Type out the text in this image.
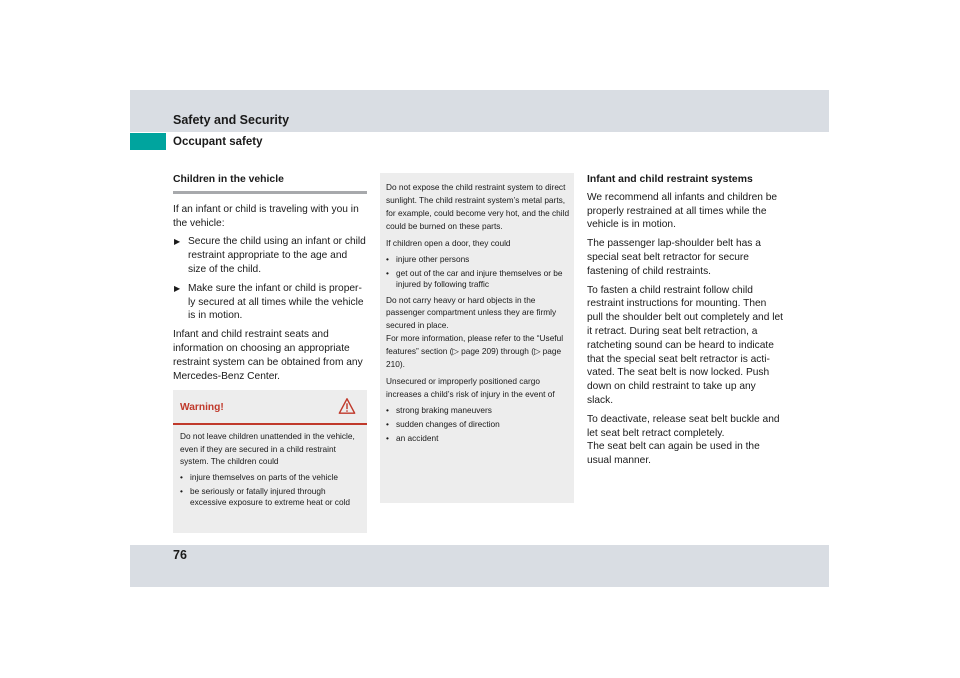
Safety and Security
Occupant safety
Children in the vehicle

If an infant or child is traveling with you in the vehicle:

▶ Secure the child using an infant or child restraint appropriate to the age and size of the child.
▶ Make sure the infant or child is proper-ly secured at all times while the vehicle is in motion.

Infant and child restraint seats and information on choosing an appropriate restraint system can be obtained from any Mercedes-Benz Center.

Warning!

Do not leave children unattended in the vehicle, even if they are secured in a child restraint system. The children could

• injure themselves on parts of the vehicle
• be seriously or fatally injured through excessive exposure to extreme heat or cold

Do not expose the child restraint system to direct sunlight. The child restraint system’s metal parts, for example, could become very hot, and the child could be burned on these parts.

If children open a door, they could

• injure other persons
• get out of the car and injure themselves or be injured by following traffic

Do not carry heavy or hard objects in the passenger compartment unless they are firmly secured in place.

For more information, please refer to the “Useful features” section (▷ page 209) through (▷ page 210).

Unsecured or improperly positioned cargo increases a child’s risk of injury in the event of

• strong braking maneuvers
• sudden changes of direction
• an accident
Infant and child restraint systems

We recommend all infants and children be properly restrained at all times while the vehicle is in motion.

The passenger lap-shoulder belt has a special seat belt retractor for secure fastening of child restraints.

To fasten a child restraint follow child restraint instructions for mounting. Then pull the shoulder belt out completely and let it retract. During seat belt retraction, a ratcheting sound can be heard to indicate that the special seat belt retractor is acti-vated. The seat belt is now locked. Push down on child restraint to take up any slack.

To deactivate, release seat belt buckle and let seat belt retract completely.

The seat belt can again be used in the usual manner.

76
